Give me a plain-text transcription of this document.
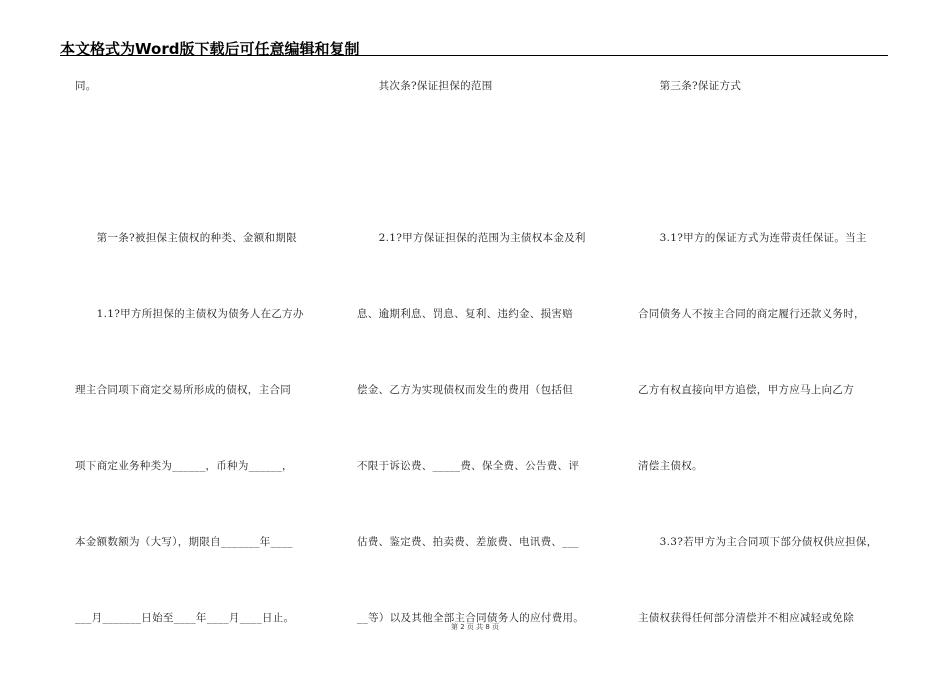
本文格式为Word版下载后可任意编辑和复制
同。
　　第一条?被担保主债权的种类、金额和期限
　　1.1?甲方所担保的主债权为债务人在乙方办
理主合同项下商定交易所形成的债权，主合同
项下商定业务种类为______，币种为______，
本金额数额为（大写），期限自_______年____
___月_______日始至____年____月____日止。
　　其次条?保证担保的范围
　　2.1?甲方保证担保的范围为主债权本金及利
息、逾期利息、罚息、复利、违约金、损害赔
偿金、乙方为实现债权而发生的费用（包括但
不限于诉讼费、_____费、保全费、公告费、评
估费、鉴定费、拍卖费、差旅费、电讯费、___
__等）以及其他全部主合同债务人的应付费用。
　　第三条?保证方式
　　3.1?甲方的保证方式为连带责任保证。当主
合同债务人不按主合同的商定履行还款义务时，
乙方有权直接向甲方追偿，甲方应马上向乙方
清偿主债权。
　　3.3?若甲方为主合同项下部分债权供应担保，
主债权获得任何部分清偿并不相应减轻或免除
第 2 页 共 8 页
